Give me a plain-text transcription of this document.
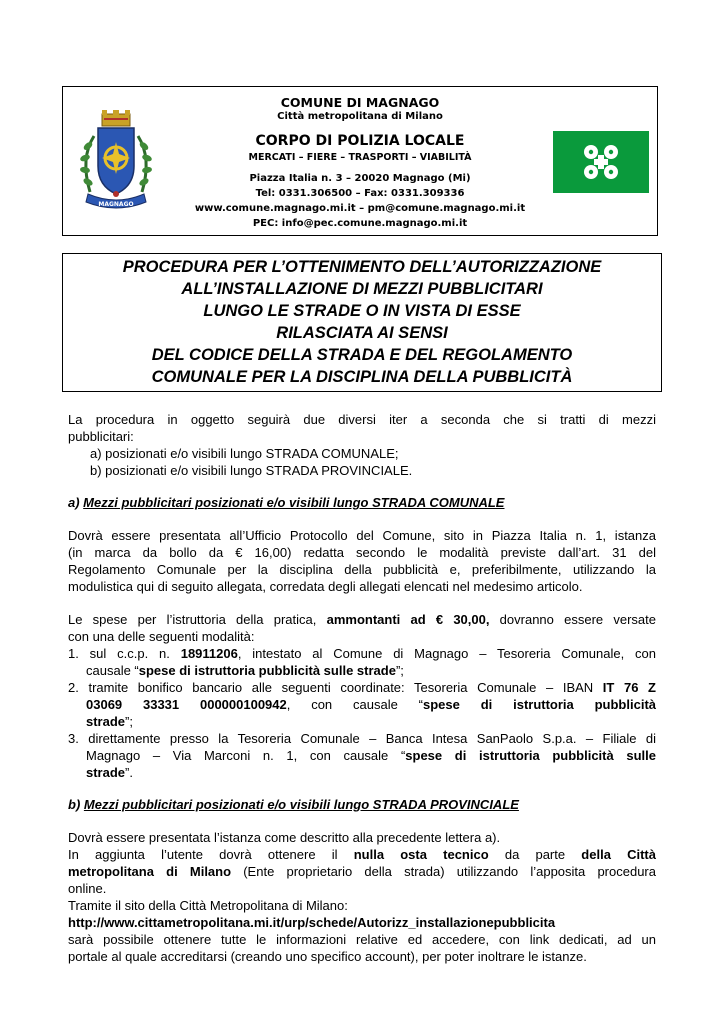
COMUNE DI MAGNAGO
Città metropolitana di Milano
CORPO DI POLIZIA LOCALE
MERCATI – FIERE – TRASPORTI – VIABILITÀ
Piazza Italia n. 3 – 20020 Magnago (Mi)
Tel: 0331.306500 – Fax: 0331.309336
www.comune.magnago.mi.it – pm@comune.magnago.mi.it
PEC: info@pec.comune.magnago.mi.it
MAGNAGO
PROCEDURA PER L’OTTENIMENTO DELL’AUTORIZZAZIONE
ALL’INSTALLAZIONE DI MEZZI PUBBLICITARI
LUNGO LE STRADE O IN VISTA DI ESSE
RILASCIATA AI SENSI
DEL CODICE DELLA STRADA E DEL REGOLAMENTO
COMUNALE PER LA DISCIPLINA DELLA PUBBLICITÀ
La procedura in oggetto seguirà due diversi iter a seconda che si tratti di mezzi
pubblicitari:
a) posizionati e/o visibili lungo STRADA COMUNALE;
b) posizionati e/o visibili lungo STRADA PROVINCIALE.
a) Mezzi pubblicitari posizionati e/o visibili lungo STRADA COMUNALE
Dovrà essere presentata all’Ufficio Protocollo del Comune, sito in Piazza Italia n. 1, istanza
(in marca da bollo da € 16,00) redatta secondo le modalità previste dall’art. 31 del
Regolamento Comunale per la disciplina della pubblicità e, preferibilmente, utilizzando la
modulistica qui di seguito allegata, corredata degli allegati elencati nel medesimo articolo.
Le spese per l’istruttoria della pratica, ammontanti ad € 30,00, dovranno essere versate
con una delle seguenti modalità:
1. sul c.c.p. n. 18911206, intestato al Comune di Magnago – Tesoreria Comunale, con
causale “spese di istruttoria pubblicità sulle strade”;
2. tramite bonifico bancario alle seguenti coordinate: Tesoreria Comunale – IBAN IT 76 Z
03069 33331 000000100942, con causale “spese di istruttoria pubblicità
strade”;
3. direttamente presso la Tesoreria Comunale – Banca Intesa SanPaolo S.p.a. – Filiale di
Magnago – Via Marconi n. 1, con causale “spese di istruttoria pubblicità sulle
strade”.
b) Mezzi pubblicitari posizionati e/o visibili lungo STRADA PROVINCIALE
Dovrà essere presentata l’istanza come descritto alla precedente lettera a).
In aggiunta l’utente dovrà ottenere il nulla osta tecnico da parte della Città
metropolitana di Milano (Ente proprietario della strada) utilizzando l’apposita procedura
online.
Tramite il sito della Città Metropolitana di Milano:
http://www.cittametropolitana.mi.it/urp/schede/Autorizz_installazionepubblicita
sarà possibile ottenere tutte le informazioni relative ed accedere, con link dedicati, ad un
portale al quale accreditarsi (creando uno specifico account), per poter inoltrare le istanze.
